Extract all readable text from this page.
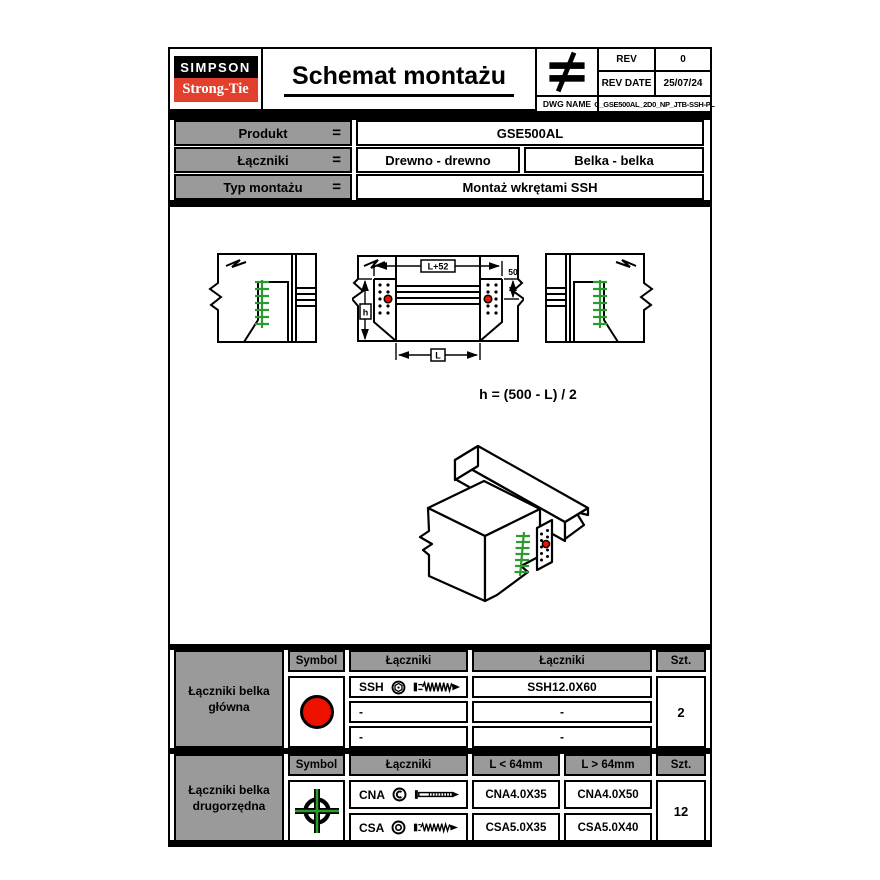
SIMPSON
Strong-Tie	Schemat montażu
REV	0
REV DATE	25/07/24
DWG NAME C_GSE500AL_2D0_NP_JTB-SSH-PL
Produkt	=	GSE500AL
Łączniki	=	Drewno - drewno	Belka - belka
Typ montażu =	Montaż wkrętami SSH
L+52
50
h
L
h = (500 - L) / 2
Łączniki belka główna
Symbol	Łączniki	Łączniki	Szt.
SSH	SSH12.0X60
-	-
-	-
2
Łączniki belka drugorzędna
Symbol	Łączniki	L < 64mm	L > 64mm	Szt.
CNA	CNA4.0X35	CNA4.0X50
CSA	CSA5.0X35	CSA5.0X40
12
